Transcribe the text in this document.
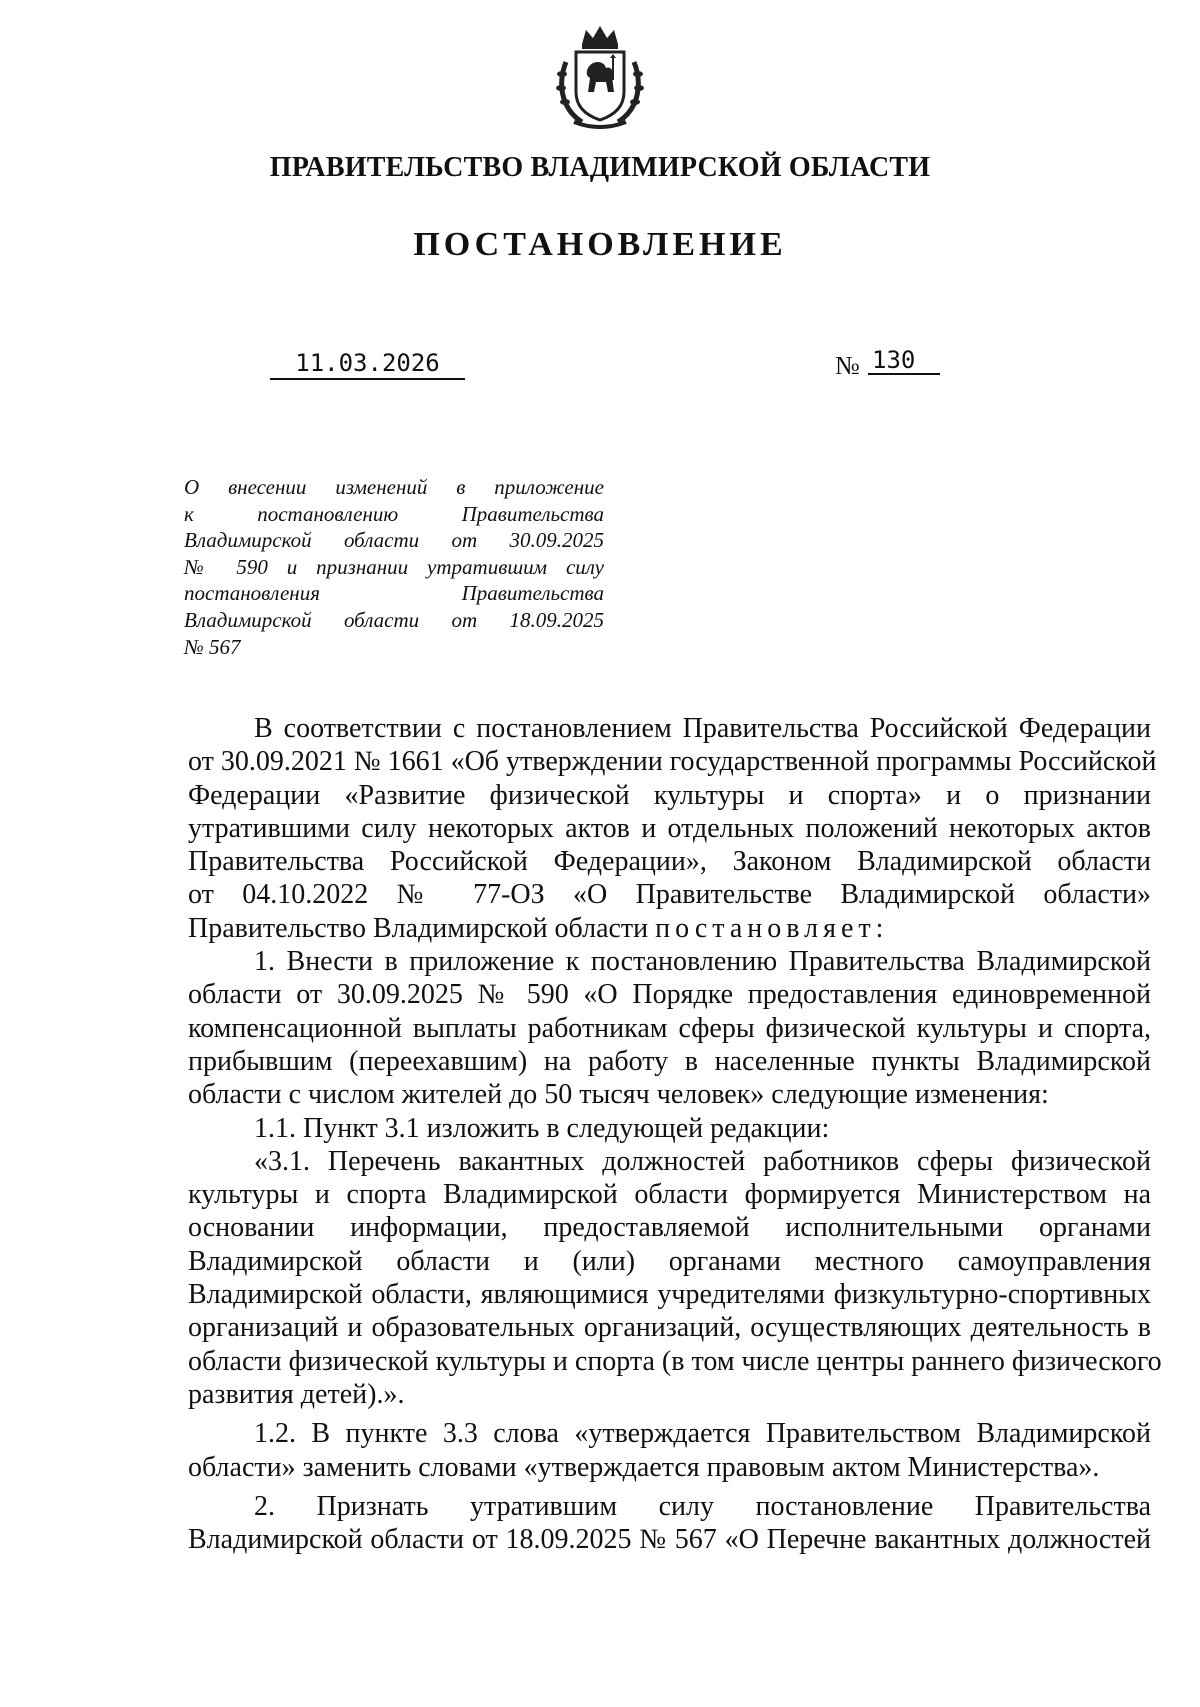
ПРАВИТЕЛЬСТВО ВЛАДИМИРСКОЙ ОБЛАСТИ
ПОСТАНОВЛЕНИЕ
11.03.2026	№ 130
О внесении изменений в приложение
к постановлению Правительства
Владимирской области от 30.09.2025
№ 590 и признании утратившим силу
постановления Правительства
Владимирской области от 18.09.2025
№ 567
В соответствии с постановлением Правительства Российской Федерации
от 30.09.2021 № 1661 «Об утверждении государственной программы Российской
Федерации «Развитие физической культуры и спорта» и о признании
утратившими силу некоторых актов и отдельных положений некоторых актов
Правительства Российской Федерации», Законом Владимирской области
от 04.10.2022 № 77-ОЗ «О Правительстве Владимирской области»
Правительство Владимирской области постановляет:
1. Внести в приложение к постановлению Правительства Владимирской
области от 30.09.2025 № 590 «О Порядке предоставления единовременной
компенсационной выплаты работникам сферы физической культуры и спорта,
прибывшим (переехавшим) на работу в населенные пункты Владимирской
области с числом жителей до 50 тысяч человек» следующие изменения:
1.1. Пункт 3.1 изложить в следующей редакции:
«3.1. Перечень вакантных должностей работников сферы физической
культуры и спорта Владимирской области формируется Министерством на
основании информации, предоставляемой исполнительными органами
Владимирской области и (или) органами местного самоуправления
Владимирской области, являющимися учредителями физкультурно-спортивных
организаций и образовательных организаций, осуществляющих деятельность в
области физической культуры и спорта (в том числе центры раннего физического
развития детей).».
1.2. В пункте 3.3 слова «утверждается Правительством Владимирской
области» заменить словами «утверждается правовым актом Министерства».
2. Признать утратившим силу постановление Правительства
Владимирской области от 18.09.2025 № 567 «О Перечне вакантных должностей
